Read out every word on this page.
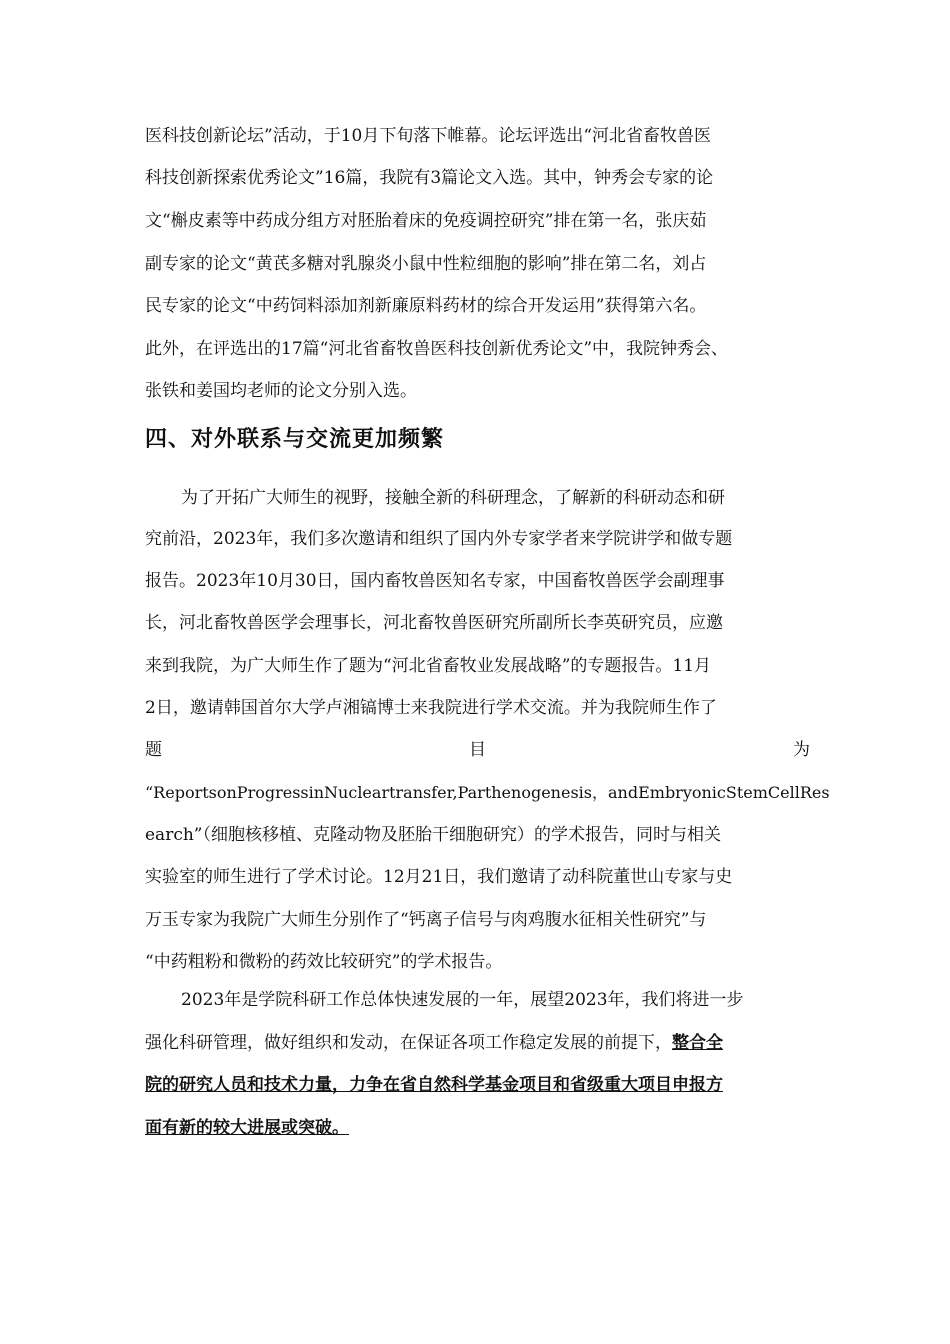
医科技创新论坛”活动，于10月下旬落下帷幕。论坛评选出“河北省畜牧兽医
科技创新探索优秀论文”16篇，我院有3篇论文入选。其中，钟秀会专家的论
文“槲皮素等中药成分组方对胚胎着床的免疫调控研究”排在第一名，张庆茹
副专家的论文“黄芪多糖对乳腺炎小鼠中性粒细胞的影响”排在第二名，刘占
民专家的论文“中药饲料添加剂新廉原料药材的综合开发运用”获得第六名。
此外，在评选出的17篇“河北省畜牧兽医科技创新优秀论文”中，我院钟秀会、
张铁和姜国均老师的论文分别入选。
四、对外联系与交流更加频繁
为了开拓广大师生的视野，接触全新的科研理念，了解新的科研动态和研
究前沿，2023年，我们多次邀请和组织了国内外专家学者来学院讲学和做专题
报告。2023年10月30日，国内畜牧兽医知名专家，中国畜牧兽医学会副理事
长，河北畜牧兽医学会理事长，河北畜牧兽医研究所副所长李英研究员，应邀
来到我院，为广大师生作了题为“河北省畜牧业发展战略”的专题报告。11月
2日，邀请韩国首尔大学卢湘镐博士来我院进行学术交流。并为我院师生作了
题	目	为
“ReportsonProgressinNucleartransfer,Parthenogenesis， andEmbryonicStemCellRes
earch”（细胞核移植、克隆动物及胚胎干细胞研究）的学术报告，同时与相关
实验室的师生进行了学术讨论。12月21日，我们邀请了动科院董世山专家与史
万玉专家为我院广大师生分别作了“钙离子信号与肉鸡腹水征相关性研究”与
“中药粗粉和微粉的药效比较研究”的学术报告。
2023年是学院科研工作总体快速发展的一年，展望2023年，我们将进一步
强化科研管理，做好组织和发动，在保证各项工作稳定发展的前提下，整合全
院的研究人员和技术力量，力争在省自然科学基金项目和省级重大项目申报方
面有新的较大进展或突破。
